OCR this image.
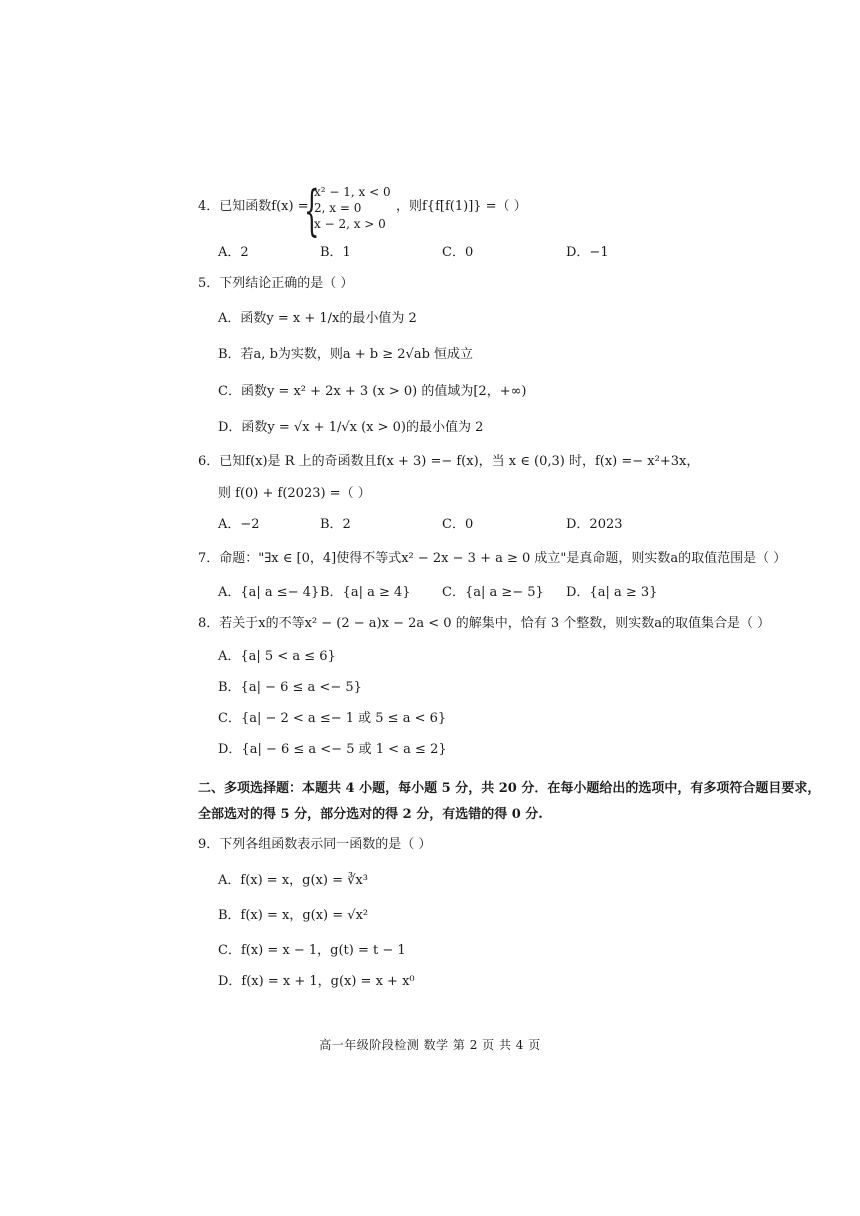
4．已知函数f(x) =
{
x² − 1, x < 0
2, x = 0
x − 2, x > 0
，则f{f[f(1)]} =（ ）
A．2	B．1	C．0	D．−1
5．下列结论正确的是（ ）
A．函数y = x + 1/x的最小值为 2
B．若a, b为实数，则a + b ≥ 2√ab 恒成立
C．函数y = x² + 2x + 3 (x > 0) 的值域为[2，+∞)
D．函数y = √x + 1/√x (x > 0)的最小值为 2
6．已知f(x)是 R 上的奇函数且f(x + 3) =− f(x)，当 x ∈ (0,3) 时，f(x) =− x²+3x，
则 f(0) + f(2023) =（ ）
A．−2	B．2	C．0	D．2023
7．命题："∃x ∈ [0，4]使得不等式x² − 2x − 3 + a ≥ 0 成立"是真命题，则实数a的取值范围是（ ）
A．{a| a ≤− 4} B．{a| a ≥ 4} C．{a| a ≥− 5} D．{a| a ≥ 3}
8．若关于x的不等x² − (2 − a)x − 2a < 0 的解集中，恰有 3 个整数，则实数a的取值集合是（ ）
A．{a| 5 < a ≤ 6}
B．{a| − 6 ≤ a <− 5}
C．{a| − 2 < a ≤− 1 或 5 ≤ a < 6}
D．{a| − 6 ≤ a <− 5 或 1 < a ≤ 2}
二、多项选择题：本题共 4 小题，每小题 5 分，共 20 分．在每小题给出的选项中，有多项符合题目要求，
全部选对的得 5 分，部分选对的得 2 分，有选错的得 0 分.
9．下列各组函数表示同一函数的是（ ）
A．f(x) = x，g(x) = ∛x³
B．f(x) = x，g(x) = √x²
C．f(x) = x − 1，g(t) = t − 1
D．f(x) = x + 1，g(x) = x + x⁰
高一年级阶段检测 数学 第 2 页 共 4 页
